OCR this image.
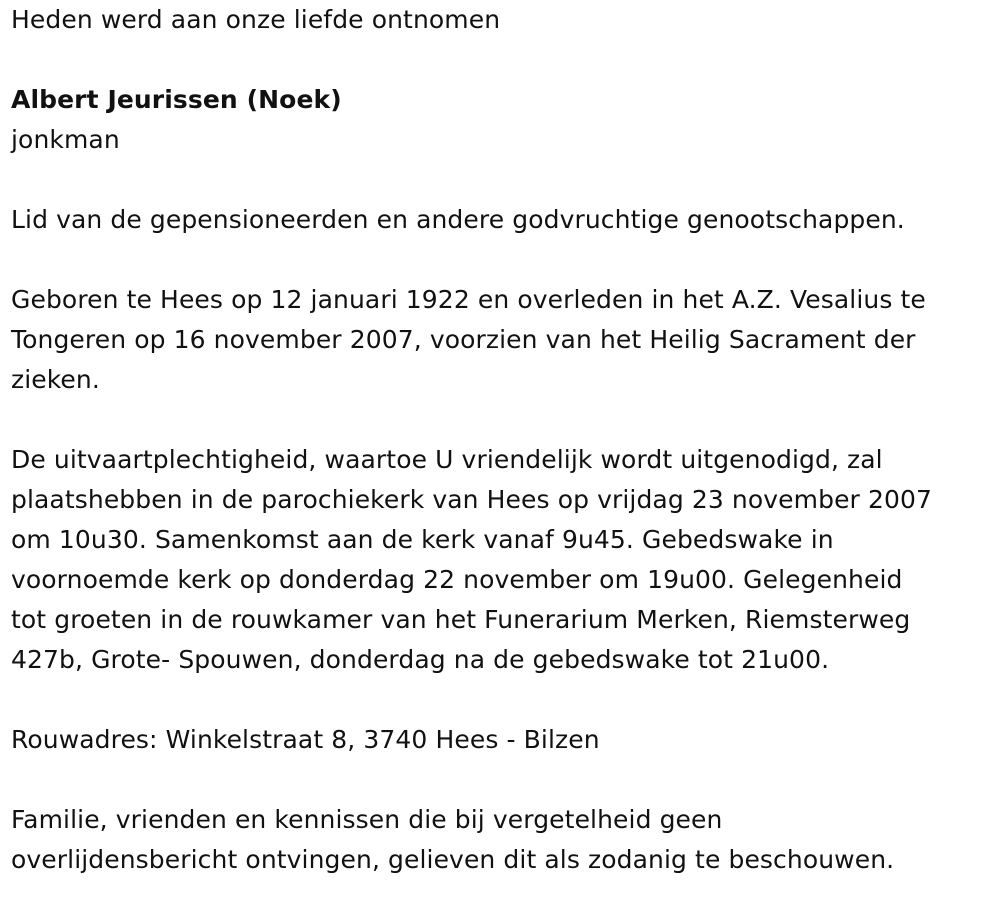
Heden werd aan onze liefde ontnomen
Albert Jeurissen (Noek)
jonkman
Lid van de gepensioneerden en andere godvruchtige genootschappen.
Geboren te Hees op 12 januari 1922 en overleden in het A.Z. Vesalius te
Tongeren op 16 november 2007, voorzien van het Heilig Sacrament der
zieken.
De uitvaartplechtigheid, waartoe U vriendelijk wordt uitgenodigd, zal
plaatshebben in de parochiekerk van Hees op vrijdag 23 november 2007
om 10u30. Samenkomst aan de kerk vanaf 9u45. Gebedswake in
voornoemde kerk op donderdag 22 november om 19u00. Gelegenheid
tot groeten in de rouwkamer van het Funerarium Merken, Riemsterweg
427b, Grote- Spouwen, donderdag na de gebedswake tot 21u00.
Rouwadres: Winkelstraat 8, 3740 Hees - Bilzen
Familie, vrienden en kennissen die bij vergetelheid geen
overlijdensbericht ontvingen, gelieven dit als zodanig te beschouwen.
